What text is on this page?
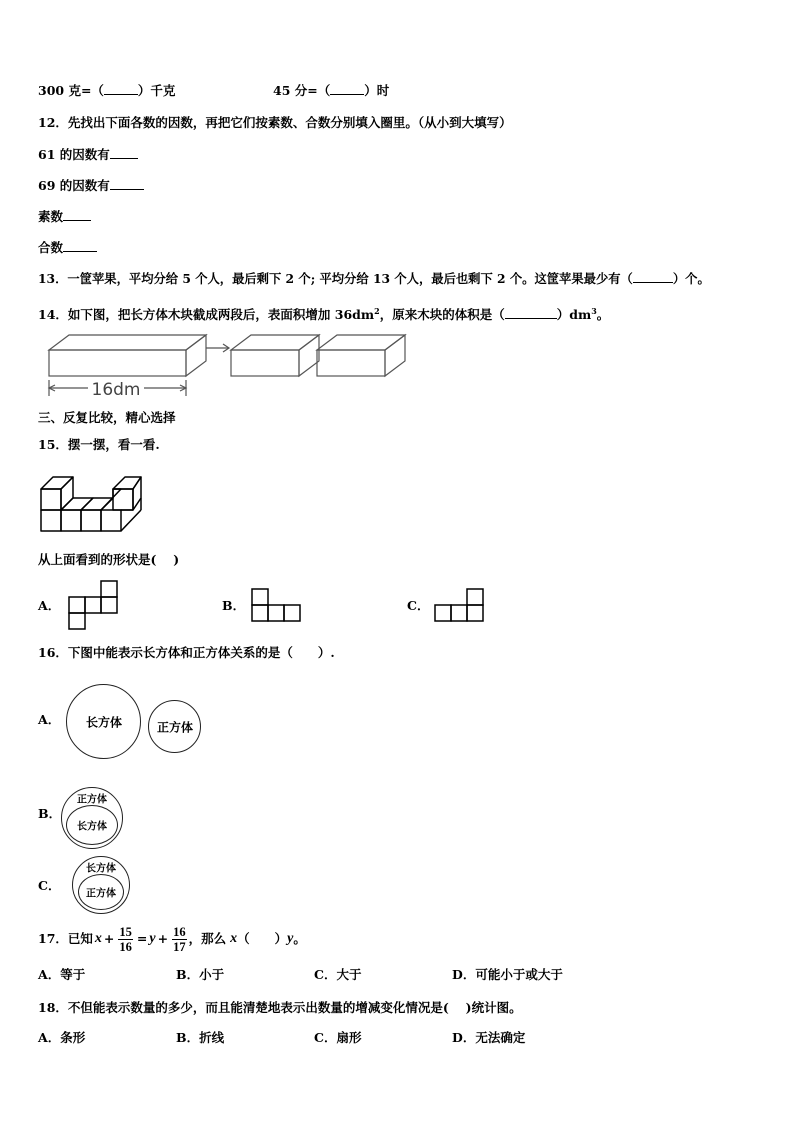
300 克=（	）千克	45 分=（	）时
12．先找出下面各数的因数，再把它们按素数、合数分别填入圈里。（从小到大填写）
61 的因数有
69 的因数有
素数
合数
13．一筐苹果，平均分给 5 个人，最后剩下 2 个; 平均分给 13 个人，最后也剩下 2 个。这筐苹果最少有（	）个。
14．如下图，把长方体木块截成两段后，表面积增加 $36dm^2$，原来木块的体积是（	）$dm^3$。
16dm
三、反复比较，精心选择
15．摆一摆，看一看.
从上面看到的形状是(　 )
A．	B．	C．
16．下图中能表示长方体和正方体关系的是（　　）.
A． 长方体	正方体
B．
正方体
长方体
C．
长方体
正方体
17．已知 $x + \frac{15}{16} = y + \frac{16}{17}$ ，那么 x （　　） y 。
A．等于	B．小于	C．大于	D．可能小于或大于
18．不但能表示数量的多少，而且能清楚地表示出数量的增减变化情况是(　 )统计图。
A．条形	B．折线	C．扇形	D．无法确定
